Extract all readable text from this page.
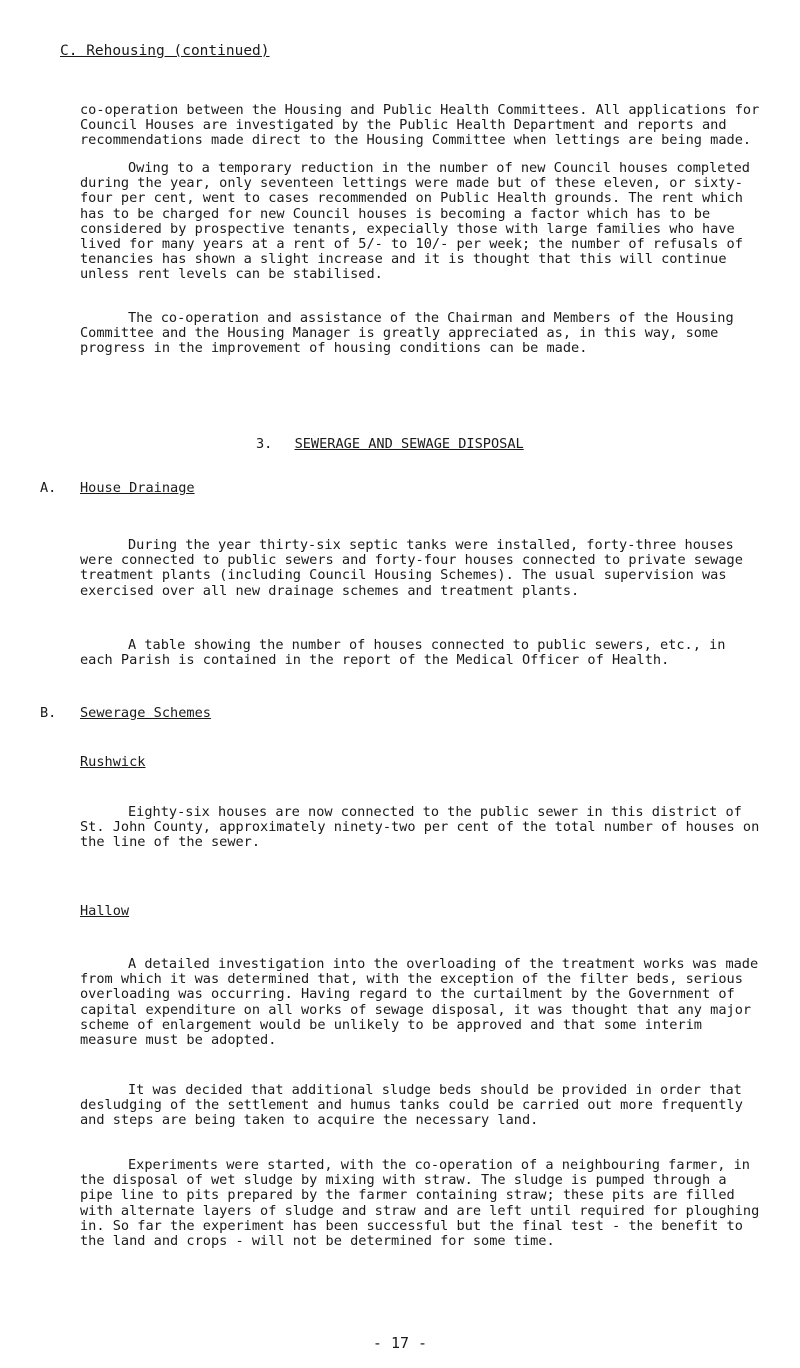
C. Rehousing (continued)

co-operation between the Housing and Public Health Committees. All applications for Council Houses are investigated by the Public Health Department and reports and recommendations made direct to the Housing Committee when lettings are being made.

Owing to a temporary reduction in the number of new Council houses completed during the year, only seventeen lettings were made but of these eleven, or sixty-four per cent, went to cases recommended on Public Health grounds. The rent which has to be charged for new Council houses is becoming a factor which has to be considered by prospective tenants, expecially those with large families who have lived for many years at a rent of 5/- to 10/- per week; the number of refusals of tenancies has shown a slight increase and it is thought that this will continue unless rent levels can be stabilised.

The co-operation and assistance of the Chairman and Members of the Housing Committee and the Housing Manager is greatly appreciated as, in this way, some progress in the improvement of housing conditions can be made.

3. SEWERAGE AND SEWAGE DISPOSAL
A. House Drainage

During the year thirty-six septic tanks were installed, forty-three houses were connected to public sewers and forty-four houses connected to private sewage treatment plants (including Council Housing Schemes). The usual supervision was exercised over all new drainage schemes and treatment plants.

A table showing the number of houses connected to public sewers, etc., in each Parish is contained in the report of the Medical Officer of Health.

B. Sewerage Schemes
Rushwick

Eighty-six houses are now connected to the public sewer in this district of St. John County, approximately ninety-two per cent of the total number of houses on the line of the sewer.

Hallow

A detailed investigation into the overloading of the treatment works was made from which it was determined that, with the exception of the filter beds, serious overloading was occurring. Having regard to the curtailment by the Government of capital expenditure on all works of sewage disposal, it was thought that any major scheme of enlargement would be unlikely to be approved and that some interim measure must be adopted.

It was decided that additional sludge beds should be provided in order that desludging of the settlement and humus tanks could be carried out more frequently and steps are being taken to acquire the necessary land.

Experiments were started, with the co-operation of a neighbouring farmer, in the disposal of wet sludge by mixing with straw. The sludge is pumped through a pipe line to pits prepared by the farmer containing straw; these pits are filled with alternate layers of sludge and straw and are left until required for ploughing in. So far the experiment has been successful but the final test - the benefit to the land and crops - will not be determined for some time.

- 17 -
